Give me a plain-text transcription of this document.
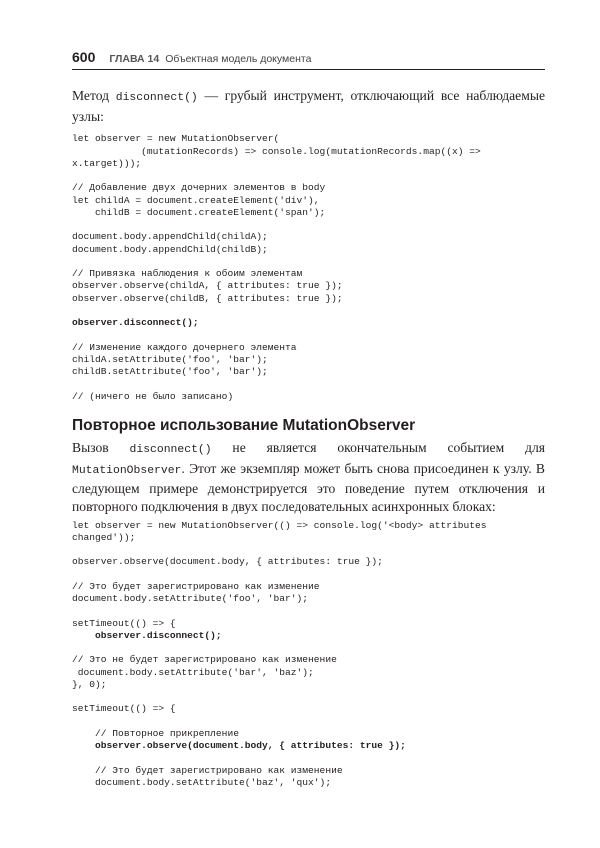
600 ГЛАВА 14 Объектная модель документа

Метод disconnect() — грубый инструмент, отключающий все наблюдаемые узлы:

let observer = new MutationObserver(
(mutationRecords) => console.log(mutationRecords.map((x) =>
x.target)));
// Добавление двух дочерних элементов в body
let childA = document.createElement('div'),
childB = document.createElement('span');
document.body.appendChild(childA);
document.body.appendChild(childB);
// Привязка наблюдения к обоим элементам
observer.observe(childA, { attributes: true });
observer.observe(childB, { attributes: true });
observer.disconnect();
// Изменение каждого дочернего элемента
childA.setAttribute('foo', 'bar');
childB.setAttribute('foo', 'bar');
// (ничего не было записано)
Повторное использование MutationObserver

Вызов disconnect() не является окончательным событием для MutationObserver. Этот же экземпляр может быть снова присоединен к узлу. В следующем примере демонстрируется это поведение путем отключения и повторного подключения в двух последовательных асинхронных блоках:

let observer = new MutationObserver(() => console.log('<body> attributes
changed'));
observer.observe(document.body, { attributes: true });
// Это будет зарегистрировано как изменение
document.body.setAttribute('foo', 'bar');
setTimeout(() => {
observer.disconnect();
// Это не будет зарегистрировано как изменение
document.body.setAttribute('bar', 'baz');
}, 0);
setTimeout(() => {
// Повторное прикрепление
observer.observe(document.body, { attributes: true });
// Это будет зарегистрировано как изменение
document.body.setAttribute('baz', 'qux');
